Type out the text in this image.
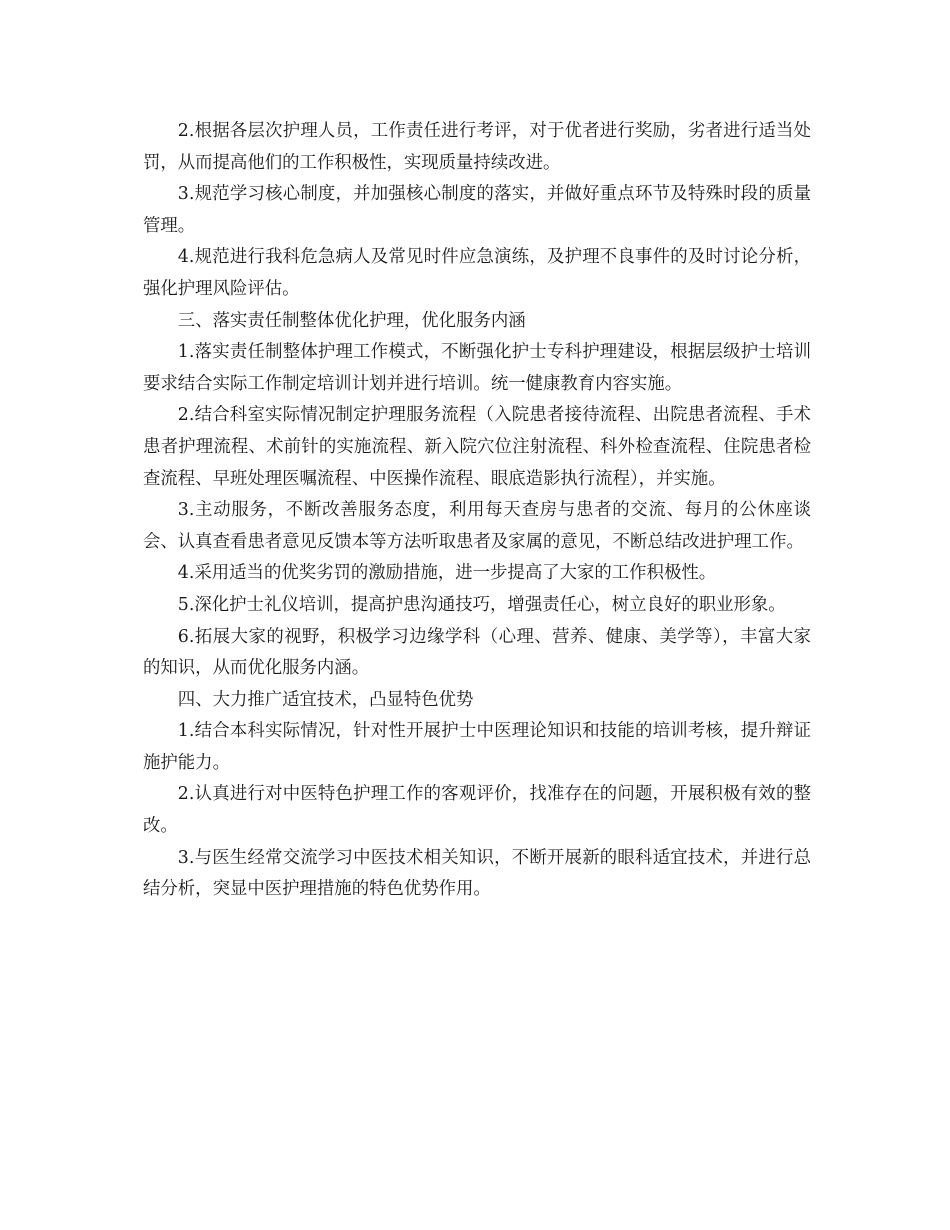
2.根据各层次护理人员，工作责任进行考评，对于优者进行奖励，劣者进行适当处罚，从而提高他们的工作积极性，实现质量持续改进。

3.规范学习核心制度，并加强核心制度的落实，并做好重点环节及特殊时段的质量管理。

4.规范进行我科危急病人及常见时件应急演练，及护理不良事件的及时讨论分析，强化护理风险评估。

三、落实责任制整体优化护理，优化服务内涵

1.落实责任制整体护理工作模式，不断强化护士专科护理建设，根据层级护士培训要求结合实际工作制定培训计划并进行培训。统一健康教育内容实施。

2.结合科室实际情况制定护理服务流程（入院患者接待流程、出院患者流程、手术患者护理流程、术前针的实施流程、新入院穴位注射流程、科外检查流程、住院患者检查流程、早班处理医嘱流程、中医操作流程、眼底造影执行流程），并实施。

3.主动服务，不断改善服务态度，利用每天查房与患者的交流、每月的公休座谈会、认真查看患者意见反馈本等方法听取患者及家属的意见，不断总结改进护理工作。

4.采用适当的优奖劣罚的激励措施，进一步提高了大家的工作积极性。

5.深化护士礼仪培训，提高护患沟通技巧，增强责任心，树立良好的职业形象。

6.拓展大家的视野，积极学习边缘学科（心理、营养、健康、美学等），丰富大家的知识，从而优化服务内涵。

四、大力推广适宜技术，凸显特色优势

1.结合本科实际情况，针对性开展护士中医理论知识和技能的培训考核，提升辩证施护能力。

2.认真进行对中医特色护理工作的客观评价，找准存在的问题，开展积极有效的整改。

3.与医生经常交流学习中医技术相关知识，不断开展新的眼科适宜技术，并进行总结分析，突显中医护理措施的特色优势作用。
